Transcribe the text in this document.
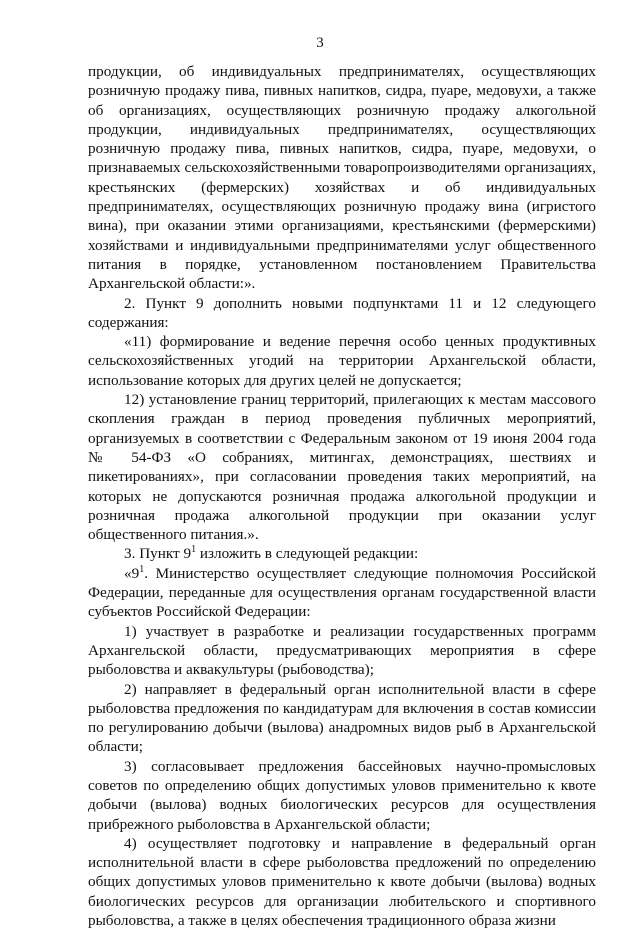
3

продукции, об индивидуальных предпринимателях, осуществляющих розничную продажу пива, пивных напитков, сидра, пуаре, медовухи, а также об организациях, осуществляющих розничную продажу алкогольной продукции, индивидуальных предпринимателях, осуществляющих розничную продажу пива, пивных напитков, сидра, пуаре, медовухи, о признаваемых сельскохозяйственными товаропроизводителями организациях, крестьянских (фермерских) хозяйствах и об индивидуальных предпринимателях, осуществляющих розничную продажу вина (игристого вина), при оказании этими организациями, крестьянскими (фермерскими) хозяйствами и индивидуальными предпринимателями услуг общественного питания в порядке, установленном постановлением Правительства Архангельской области:».

2. Пункт 9 дополнить новыми подпунктами 11 и 12 следующего содержания:

«11) формирование и ведение перечня особо ценных продуктивных сельскохозяйственных угодий на территории Архангельской области, использование которых для других целей не допускается;

12) установление границ территорий, прилегающих к местам массового скопления граждан в период проведения публичных мероприятий, организуемых в соответствии с Федеральным законом от 19 июня 2004 года № 54-ФЗ «О собраниях, митингах, демонстрациях, шествиях и пикетированиях», при согласовании проведения таких мероприятий, на которых не допускаются розничная продажа алкогольной продукции и розничная продажа алкогольной продукции при оказании услуг общественного питания.».

3. Пункт $9^1$ изложить в следующей редакции:

«$9^1$. Министерство осуществляет следующие полномочия Российской Федерации, переданные для осуществления органам государственной власти субъектов Российской Федерации:

1) участвует в разработке и реализации государственных программ Архангельской области, предусматривающих мероприятия в сфере рыболовства и аквакультуры (рыбоводства);

2) направляет в федеральный орган исполнительной власти в сфере рыболовства предложения по кандидатурам для включения в состав комиссии по регулированию добычи (вылова) анадромных видов рыб в Архангельской области;

3) согласовывает предложения бассейновых научно-промысловых советов по определению общих допустимых уловов применительно к квоте добычи (вылова) водных биологических ресурсов для осуществления прибрежного рыболовства в Архангельской области;

4) осуществляет подготовку и направление в федеральный орган исполнительной власти в сфере рыболовства предложений по определению общих допустимых уловов применительно к квоте добычи (вылова) водных биологических ресурсов для организации любительского и спортивного рыболовства, а также в целях обеспечения традиционного образа жизни
